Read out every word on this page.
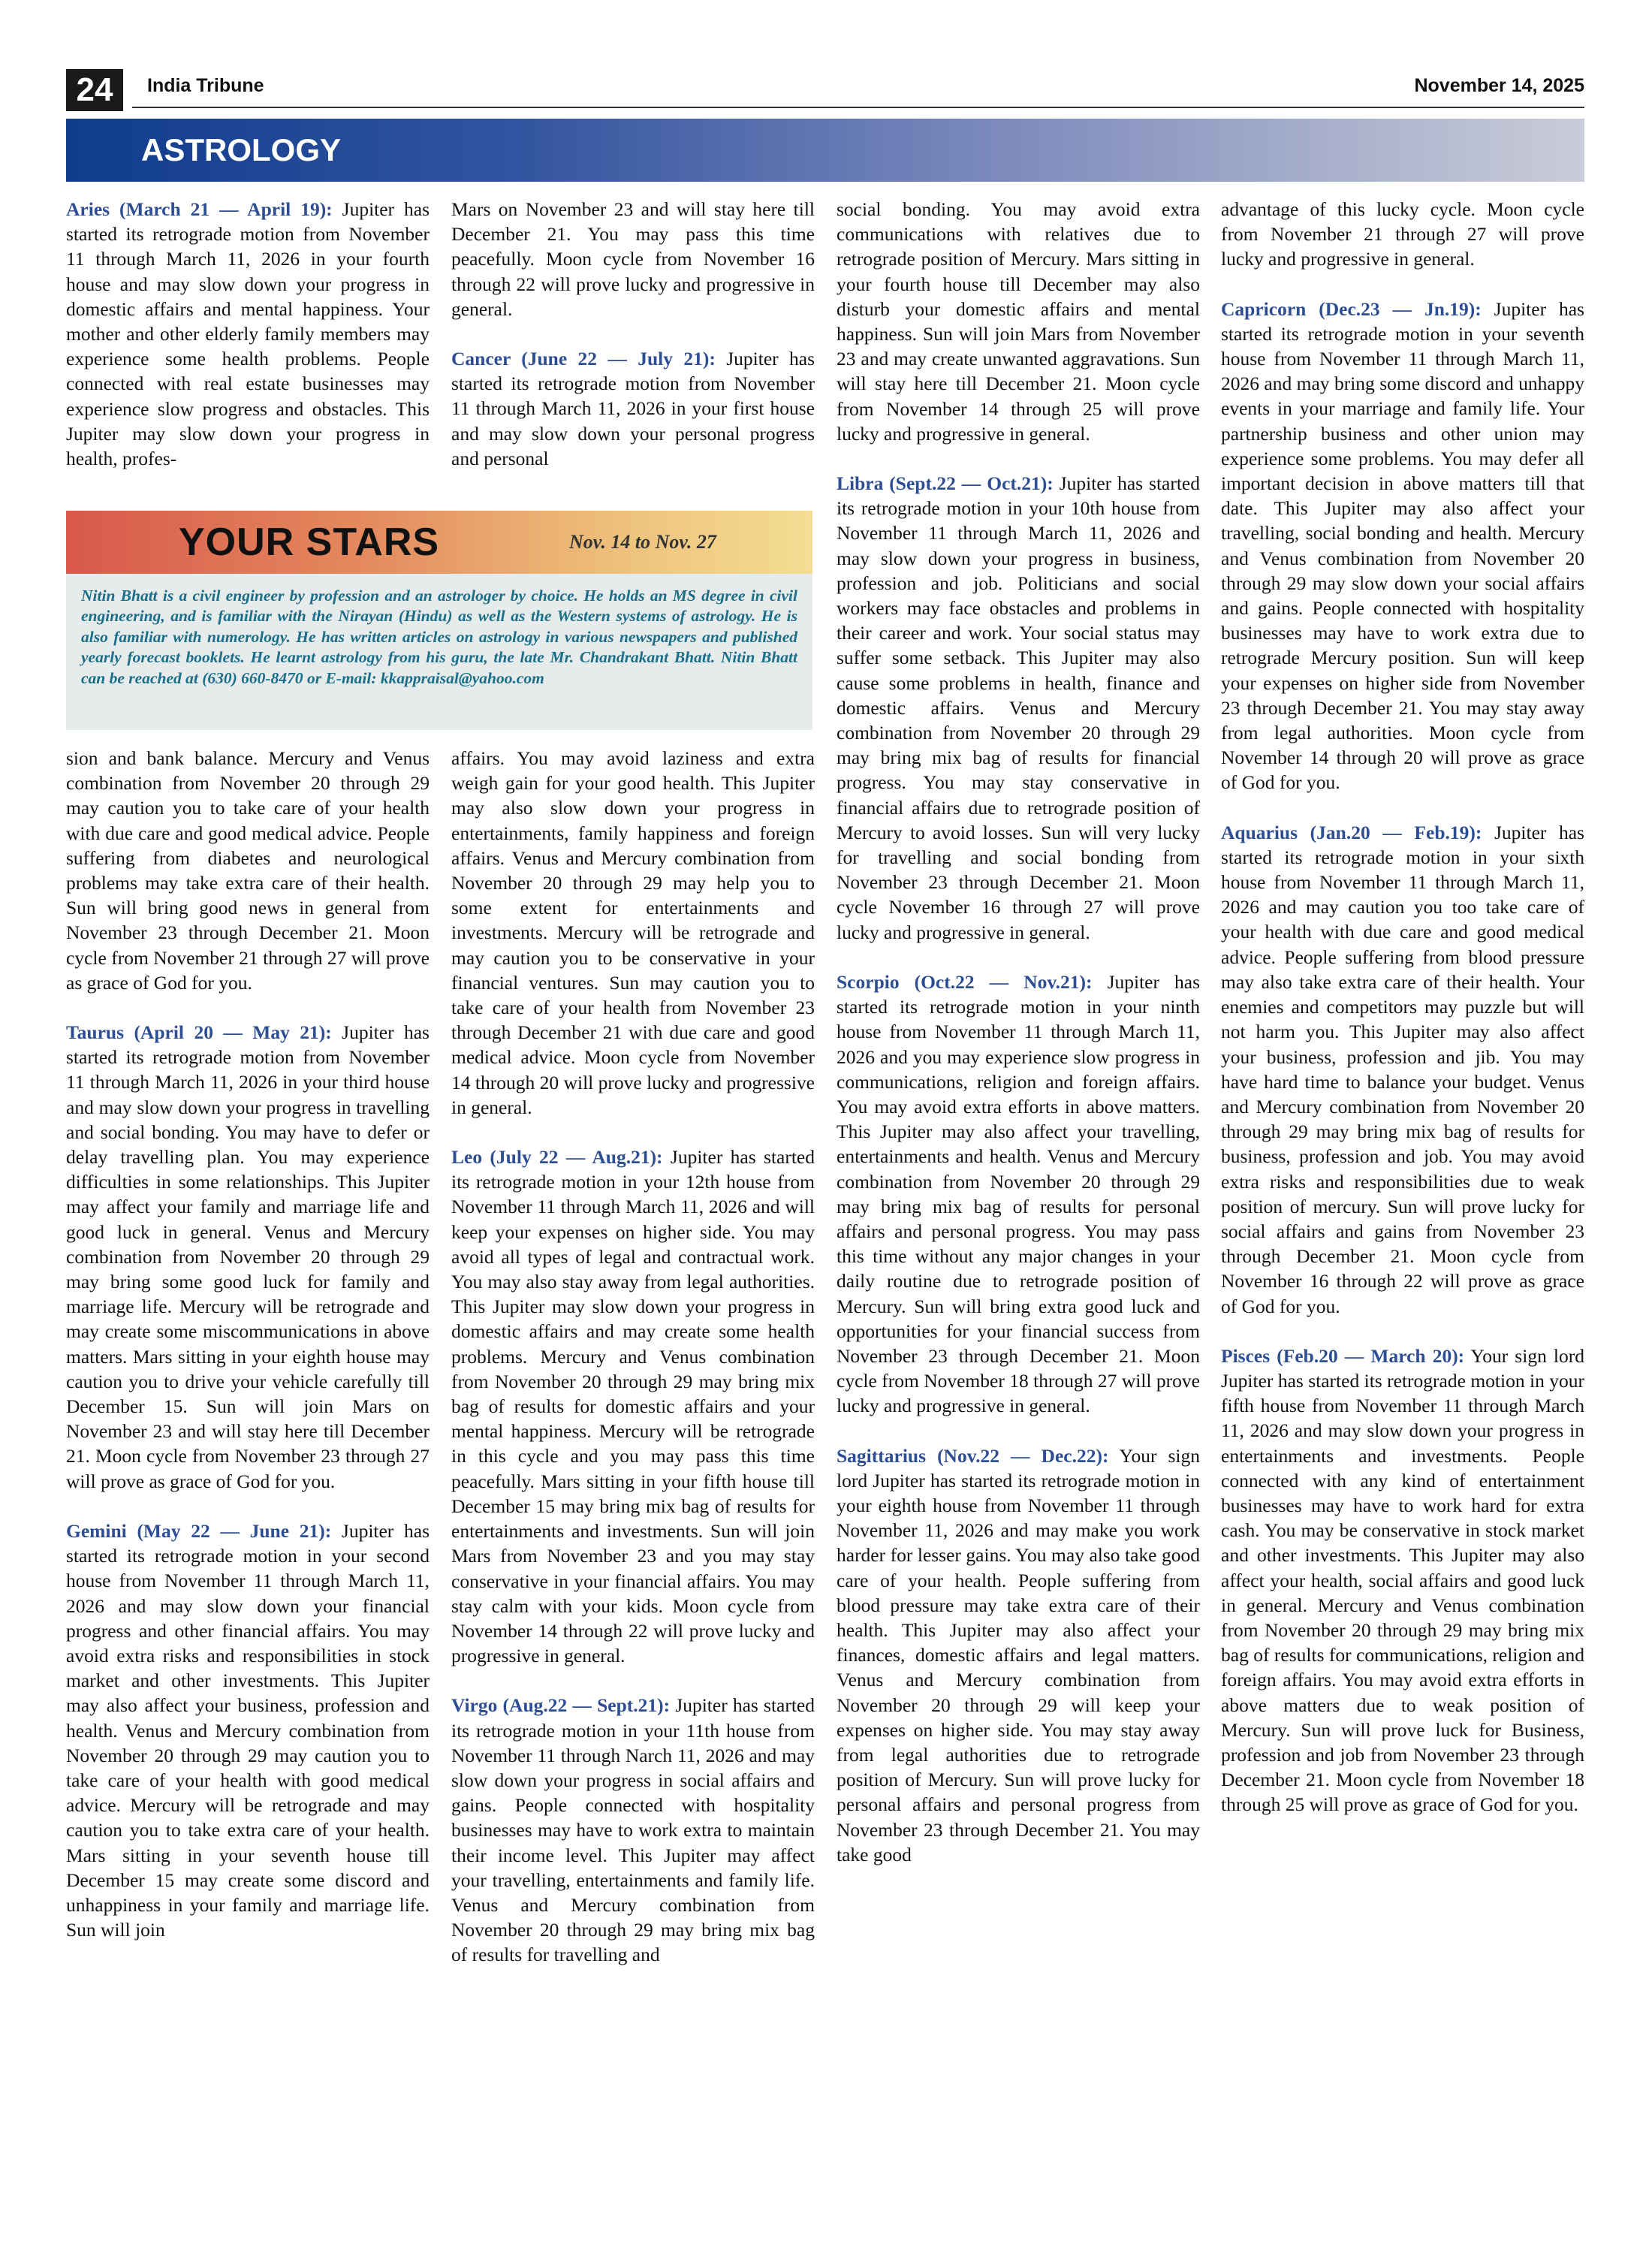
24	India Tribune	November 14, 2025
ASTROLOGY

Aries (March 21 — April 19): Jupiter has started its retrograde motion from November 11 through March 11, 2026 in your fourth house and may slow down your progress in domestic affairs and mental happiness. Your mother and other elderly family members may experience some health problems. People connected with real estate businesses may experience slow progress and obstacles. This Jupiter may slow down your progress in health, profes-

Mars on November 23 and will stay here till December 21. You may pass this time peacefully. Moon cycle from November 16 through 22 will prove lucky and progressive in general.

Cancer (June 22 — July 21): Jupiter has started its retrograde motion from November 11 through March 11, 2026 in your first house and may slow down your personal progress and personal

YOUR STARS	Nov. 14 to Nov. 27
Nitin Bhatt is a civil engineer by profession and an astrologer by choice. He holds an MS degree in civil engineering, and is familiar with the Nirayan (Hindu) as well as the Western systems of astrology. He is also familiar with numerology. He has written articles on astrology in various newspapers and published yearly forecast booklets. He learnt astrology from his guru, the late Mr. Chandrakant Bhatt. Nitin Bhatt can be reached at (630) 660-8470 or E-mail: kkappraisal@yahoo.com

sion and bank balance. Mercury and Venus combination from November 20 through 29 may caution you to take care of your health with due care and good medical advice. People suffering from diabetes and neurological problems may take extra care of their health. Sun will bring good news in general from November 23 through December 21. Moon cycle from November 21 through 27 will prove as grace of God for you.

Taurus (April 20 — May 21): Jupiter has started its retrograde motion from November 11 through March 11, 2026 in your third house and may slow down your progress in travelling and social bonding. You may have to defer or delay travelling plan. You may experience difficulties in some relationships. This Jupiter may affect your family and marriage life and good luck in general. Venus and Mercury combination from November 20 through 29 may bring some good luck for family and marriage life. Mercury will be retrograde and may create some miscommunications in above matters. Mars sitting in your eighth house may caution you to drive your vehicle carefully till December 15. Sun will join Mars on November 23 and will stay here till December 21. Moon cycle from November 23 through 27 will prove as grace of God for you.

Gemini (May 22 — June 21): Jupiter has started its retrograde motion in your second house from November 11 through March 11, 2026 and may slow down your financial progress and other financial affairs. You may avoid extra risks and responsibilities in stock market and other investments. This Jupiter may also affect your business, profession and health. Venus and Mercury combination from November 20 through 29 may caution you to take care of your health with good medical advice. Mercury will be retrograde and may caution you to take extra care of your health. Mars sitting in your seventh house till December 15 may create some discord and unhappiness in your family and marriage life. Sun will join

affairs. You may avoid laziness and extra weigh gain for your good health. This Jupiter may also slow down your progress in entertainments, family happiness and foreign affairs. Venus and Mercury combination from November 20 through 29 may help you to some extent for entertainments and investments. Mercury will be retrograde and may caution you to be conservative in your financial ventures. Sun may caution you to take care of your health from November 23 through December 21 with due care and good medical advice. Moon cycle from November 14 through 20 will prove lucky and progressive in general.

Leo (July 22 — Aug.21): Jupiter has started its retrograde motion in your 12th house from November 11 through March 11, 2026 and will keep your expenses on higher side. You may avoid all types of legal and contractual work. You may also stay away from legal authorities. This Jupiter may slow down your progress in domestic affairs and may create some health problems. Mercury and Venus combination from November 20 through 29 may bring mix bag of results for domestic affairs and your mental happiness. Mercury will be retrograde in this cycle and you may pass this time peacefully. Mars sitting in your fifth house till December 15 may bring mix bag of results for entertainments and investments. Sun will join Mars from November 23 and you may stay conservative in your financial affairs. You may stay calm with your kids. Moon cycle from November 14 through 22 will prove lucky and progressive in general.

Virgo (Aug.22 — Sept.21): Jupiter has started its retrograde motion in your 11th house from November 11 through Narch 11, 2026 and may slow down your progress in social affairs and gains. People connected with hospitality businesses may have to work extra to maintain their income level. This Jupiter may affect your travelling, entertainments and family life. Venus and Mercury combination from November 20 through 29 may bring mix bag of results for travelling and

social bonding. You may avoid extra communications with relatives due to retrograde position of Mercury. Mars sitting in your fourth house till December may also disturb your domestic affairs and mental happiness. Sun will join Mars from November 23 and may create unwanted aggravations. Sun will stay here till December 21. Moon cycle from November 14 through 25 will prove lucky and progressive in general.

Libra (Sept.22 — Oct.21): Jupiter has started its retrograde motion in your 10th house from November 11 through March 11, 2026 and may slow down your progress in business, profession and job. Politicians and social workers may face obstacles and problems in their career and work. Your social status may suffer some setback. This Jupiter may also cause some problems in health, finance and domestic affairs. Venus and Mercury combination from November 20 through 29 may bring mix bag of results for financial progress. You may stay conservative in financial affairs due to retrograde position of Mercury to avoid losses. Sun will very lucky for travelling and social bonding from November 23 through December 21. Moon cycle November 16 through 27 will prove lucky and progressive in general.

Scorpio (Oct.22 — Nov.21): Jupiter has started its retrograde motion in your ninth house from November 11 through March 11, 2026 and you may experience slow progress in communications, religion and foreign affairs. You may avoid extra efforts in above matters. This Jupiter may also affect your travelling, entertainments and health. Venus and Mercury combination from November 20 through 29 may bring mix bag of results for personal affairs and personal progress. You may pass this time without any major changes in your daily routine due to retrograde position of Mercury. Sun will bring extra good luck and opportunities for your financial success from November 23 through December 21. Moon cycle from November 18 through 27 will prove lucky and progressive in general.

Sagittarius (Nov.22 — Dec.22): Your sign lord Jupiter has started its retrograde motion in your eighth house from November 11 through November 11, 2026 and may make you work harder for lesser gains. You may also take good care of your health. People suffering from blood pressure may take extra care of their health. This Jupiter may also affect your finances, domestic affairs and legal matters. Venus and Mercury combination from November 20 through 29 will keep your expenses on higher side. You may stay away from legal authorities due to retrograde position of Mercury. Sun will prove lucky for personal affairs and personal progress from November 23 through December 21. You may take good

advantage of this lucky cycle. Moon cycle from November 21 through 27 will prove lucky and progressive in general.

Capricorn (Dec.23 — Jn.19): Jupiter has started its retrograde motion in your seventh house from November 11 through March 11, 2026 and may bring some discord and unhappy events in your marriage and family life. Your partnership business and other union may experience some problems. You may defer all important decision in above matters till that date. This Jupiter may also affect your travelling, social bonding and health. Mercury and Venus combination from November 20 through 29 may slow down your social affairs and gains. People connected with hospitality businesses may have to work extra due to retrograde Mercury position. Sun will keep your expenses on higher side from November 23 through December 21. You may stay away from legal authorities. Moon cycle from November 14 through 20 will prove as grace of God for you.

Aquarius (Jan.20 — Feb.19): Jupiter has started its retrograde motion in your sixth house from November 11 through March 11, 2026 and may caution you too take care of your health with due care and good medical advice. People suffering from blood pressure may also take extra care of their health. Your enemies and competitors may puzzle but will not harm you. This Jupiter may also affect your business, profession and jib. You may have hard time to balance your budget. Venus and Mercury combination from November 20 through 29 may bring mix bag of results for business, profession and job. You may avoid extra risks and responsibilities due to weak position of mercury. Sun will prove lucky for social affairs and gains from November 23 through December 21. Moon cycle from November 16 through 22 will prove as grace of God for you.

Pisces (Feb.20 — March 20): Your sign lord Jupiter has started its retrograde motion in your fifth house from November 11 through March 11, 2026 and may slow down your progress in entertainments and investments. People connected with any kind of entertainment businesses may have to work hard for extra cash. You may be conservative in stock market and other investments. This Jupiter may also affect your health, social affairs and good luck in general. Mercury and Venus combination from November 20 through 29 may bring mix bag of results for communications, religion and foreign affairs. You may avoid extra efforts in above matters due to weak position of Mercury. Sun will prove luck for Business, profession and job from November 23 through December 21. Moon cycle from November 18 through 25 will prove as grace of God for you.
